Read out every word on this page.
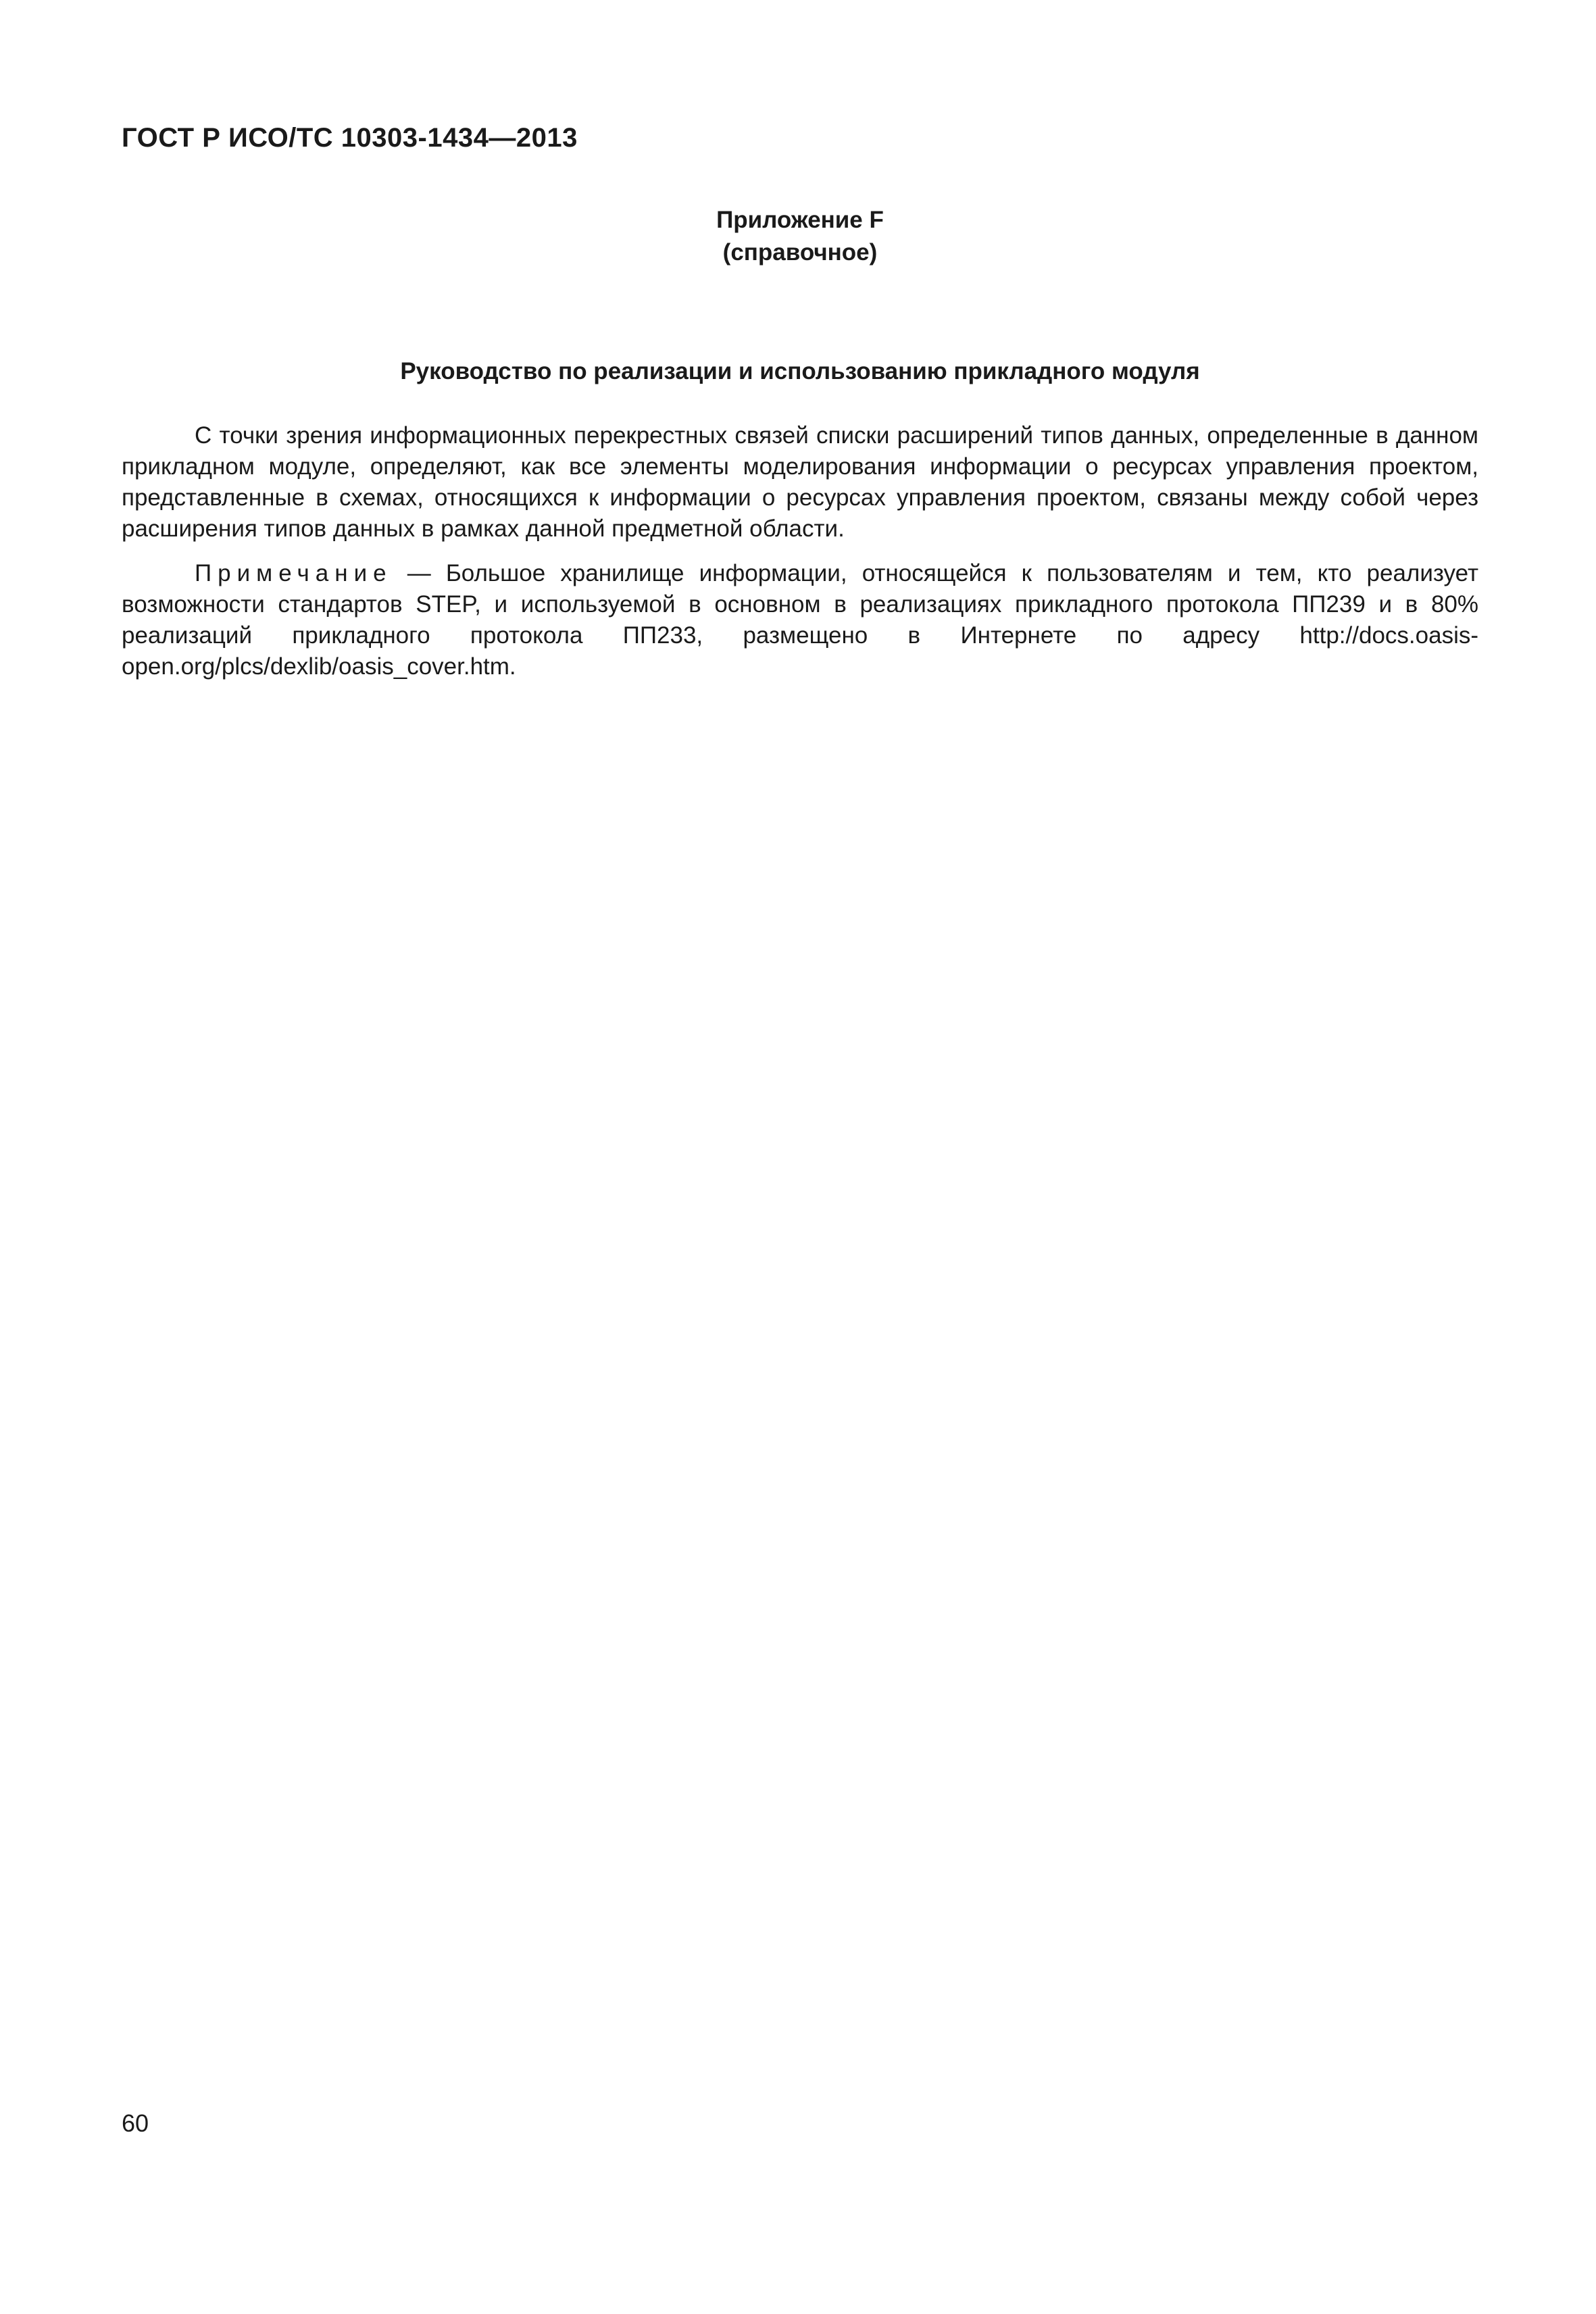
ГОСТ Р ИСО/ТС 10303-1434—2013
Приложение F
(справочное)
Руководство по реализации и использованию прикладного модуля

С точки зрения информационных перекрестных связей списки расширений типов данных, определенные в данном прикладном модуле, определяют, как все элементы моделирования информации о ресурсах управления проектом, представленные в схемах, относящихся к информации о ресурсах управления проектом, связаны между собой через расширения типов данных в рамках данной предметной области.

Примечание — Большое хранилище информации, относящейся к пользователям и тем, кто реализует возможности стандартов STEP, и используемой в основном в реализациях прикладного протокола ПП239 и в 80% реализаций прикладного протокола ПП233, размещено в Интернете по адресу http://docs.oasis-open.org/plcs/dexlib/oasis_cover.htm.

60
